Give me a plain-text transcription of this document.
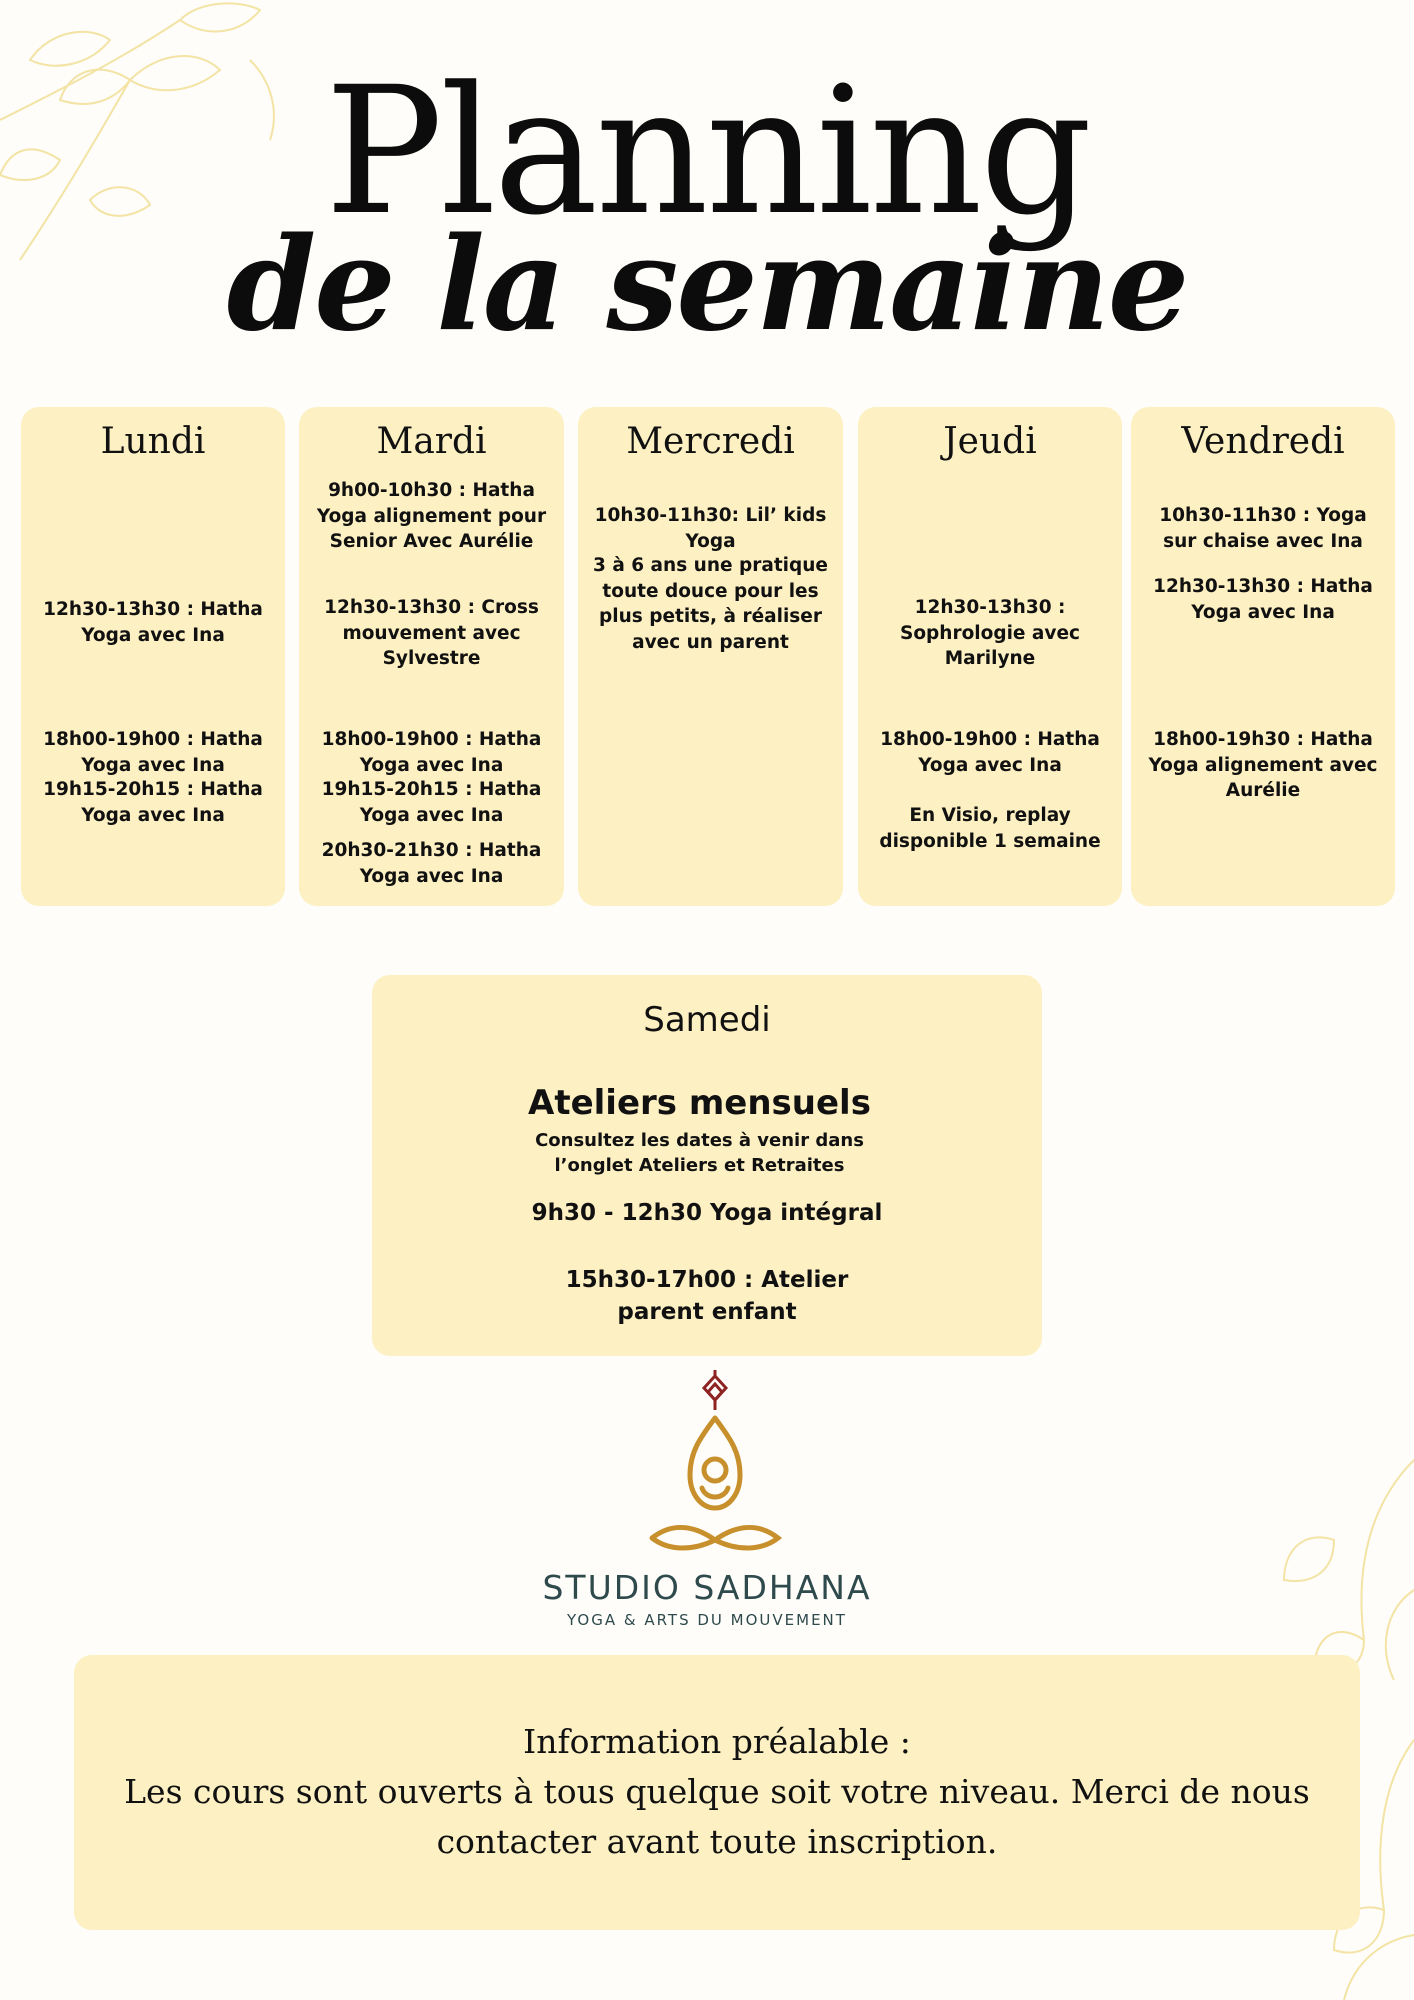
Planning
de la semaine
Lundi
12h30-13h30 : Hatha Yoga avec Ina
18h00-19h00 : Hatha Yoga avec Ina
19h15-20h15 : Hatha Yoga avec Ina
Mardi
9h00-10h30 : Hatha Yoga alignement pour Senior Avec Aurélie
12h30-13h30 : Cross mouvement avec Sylvestre
18h00-19h00 : Hatha Yoga avec Ina
19h15-20h15 : Hatha Yoga avec Ina
20h30-21h30 : Hatha Yoga avec Ina
Mercredi
10h30-11h30: Lil’ kids Yoga
3 à 6 ans une pratique toute douce pour les plus petits, à réaliser avec un parent
Jeudi
12h30-13h30 : Sophrologie avec Marilyne
18h00-19h00 : Hatha Yoga avec Ina
En Visio, replay disponible 1 semaine
Vendredi
10h30-11h30 : Yoga sur chaise avec Ina
12h30-13h30 : Hatha Yoga avec Ina
18h00-19h30 : Hatha Yoga alignement avec Aurélie
Samedi
Ateliers mensuels
Consultez les dates à venir dans l’onglet Ateliers et Retraites
9h30 - 12h30 Yoga intégral
15h30-17h00 : Atelier parent enfant
STUDIO SADHANA
YOGA & ARTS DU MOUVEMENT
Information préalable :
Les cours sont ouverts à tous quelque soit votre niveau. Merci de nous contacter avant toute inscription.
